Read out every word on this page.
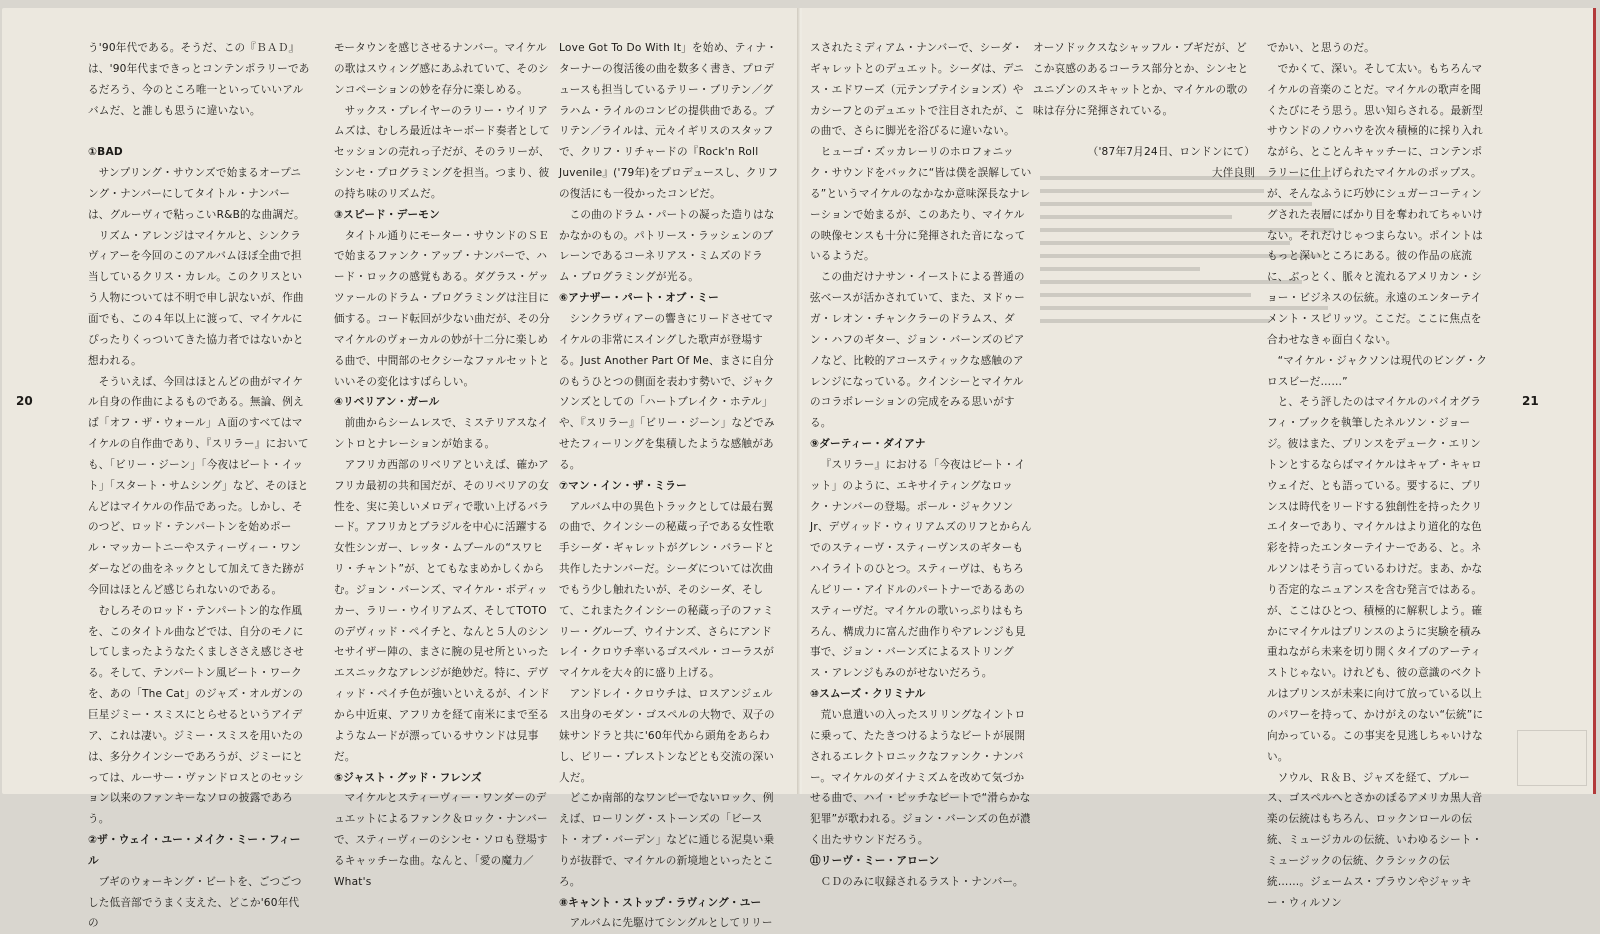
20

う'90年代である。そうだ、この『ＢＡＤ』は、'90年代まできっとコンテンポラリーであるだろう、今のところ唯一といっていいアルバムだ、と誰しも思うに違いない。

①BAD

サンプリング・サウンズで始まるオープニング・ナンバーにしてタイトル・ナンバーは、グルーヴィで粘っこいR&B的な曲調だ。

リズム・アレンジはマイケルと、シンクラヴィアーを今回のこのアルバムほぼ全曲で担当しているクリス・カレル。このクリスという人物については不明で申し訳ないが、作曲面でも、この４年以上に渡って、マイケルにぴったりくっついてきた協力者ではないかと想われる。

そういえば、今回はほとんどの曲がマイケル自身の作曲によるものである。無論、例えば「オフ・ザ・ウォール」Ａ面のすべてはマイケルの自作曲であり、『スリラー』においても、「ビリー・ジーン」「今夜はビート・イット」「スタート・サムシング」など、そのほとんどはマイケルの作品であった。しかし、そのつど、ロッド・テンパートンを始めポール・マッカートニーやスティーヴィー・ワンダーなどの曲をネックとして加えてきた跡が今回はほとんど感じられないのである。

むしろそのロッド・テンパートン的な作風を、このタイトル曲などでは、自分のモノにしてしまったようなたくましささえ感じさせる。そして、テンパートン風ビート・ワークを、あの「The Cat」のジャズ・オルガンの巨星ジミー・スミスにとらせるというアイデア、これは凄い。ジミー・スミスを用いたのは、多分クインシーであろうが、ジミーにとっては、ルーサー・ヴァンドロスとのセッション以来のファンキーなソロの披露であろう。

②ザ・ウェイ・ユー・メイク・ミー・フィール

ブギのウォーキング・ビートを、ごつごつした低音部でうまく支えた、どこか'60年代の

モータウンを感じさせるナンバー。マイケルの歌はスウィング感にあふれていて、そのシンコペーションの妙を存分に楽しめる。

サックス・プレイヤーのラリー・ウイリアムズは、むしろ最近はキーボード奏者としてセッションの売れっ子だが、そのラリーが、シンセ・プログラミングを担当。つまり、彼の持ち味のリズムだ。

③スピード・デーモン

タイトル通りにモーター・サウンドのＳＥで始まるファンク・アップ・ナンバーで、ハード・ロックの感覚もある。ダグラス・ゲッツァールのドラム・プログラミングは注目に価する。コード転回が少ない曲だが、その分マイケルのヴォーカルの妙が十二分に楽しめる曲で、中間部のセクシーなファルセットといいその変化はすばらしい。

④リベリアン・ガール

前曲からシームレスで、ミステリアスなイントロとナレーションが始まる。

アフリカ西部のリベリアといえば、確かアフリカ最初の共和国だが、そのリベリアの女性を、実に美しいメロディで歌い上げるバラード。アフリカとブラジルを中心に活躍する女性シンガー、レッタ・ムブールの“スワヒリ・チャント”が、とてもなまめかしくからむ。ジョン・バーンズ、マイケル・ボディッカー、ラリー・ウイリアムズ、そしてTOTOのデヴィッド・ペイチと、なんと５人のシンセサイザー陣の、まさに腕の見せ所といったエスニックなアレンジが絶妙だ。特に、デヴィッド・ペイチ色が強いといえるが、インドから中近東、アフリカを経て南米にまで至るようなムードが漂っているサウンドは見事だ。

⑤ジャスト・グッド・フレンズ

マイケルとスティーヴィー・ワンダーのデュエットによるファンク＆ロック・ナンバーで、スティーヴィーのシンセ・ソロも登場するキャッチーな曲。なんと、「愛の魔力／What's

Love Got To Do With It」を始め、ティナ・ターナーの復活後の曲を数多く書き、プロデュースも担当しているテリー・ブリテン／グラハム・ライルのコンビの提供曲である。ブリテン／ライルは、元々イギリスのスタッフで、クリフ・リチャードの『Rock'n Roll Juvenile』('79年)をプロデュースし、クリフの復活にも一役かったコンビだ。

この曲のドラム・パートの凝った造りはなかなかのもの。パトリース・ラッシェンのブレーンであるコーネリアス・ミムズのドラム・プログラミングが光る。

⑥アナザー・パート・オブ・ミー

シンクラヴィアーの響きにリードさせてマイケルの非常にスイングした歌声が登場する。Just Another Part Of Me、まさに自分のもうひとつの側面を表わす勢いで、ジャクソンズとしての「ハートブレイク・ホテル」や、『スリラー』「ビリー・ジーン」などでみせたフィーリングを集積したような感触がある。

⑦マン・イン・ザ・ミラー

アルバム中の異色トラックとしては最右翼の曲で、クインシーの秘蔵っ子である女性歌手シーダ・ギャレットがグレン・バラードと共作したナンバーだ。シーダについては次曲でもう少し触れたいが、そのシーダ、そして、これまたクインシーの秘蔵っ子のファミリー・グループ、ウイナンズ、さらにアンドレイ・クロウチ率いるゴスペル・コーラスがマイケルを大々的に盛り上げる。

アンドレイ・クロウチは、ロスアンジェルス出身のモダン・ゴスペルの大物で、双子の妹サンドラと共に'60年代から頭角をあらわし、ビリー・プレストンなどとも交流の深い人だ。

どこか南部的なワンピーでないロック、例えば、ローリング・ストーンズの「ビースト・オブ・バーデン」などに通じる泥臭い乗りが抜群で、マイケルの新境地といったところ。

⑧キャント・ストップ・ラヴィング・ユー

アルバムに先駆けてシングルとしてリリー

スされたミディアム・ナンバーで、シーダ・ギャレットとのデュエット。シーダは、デニス・エドワーズ（元テンプテイションズ）やカシーフとのデュエットで注目されたが、この曲で、さらに脚光を浴びるに違いない。

ヒューゴ・ズッカレーリのホロフォニック・サウンドをバックに“皆は僕を誤解している”というマイケルのなかなか意味深長なナレーションで始まるが、このあたり、マイケルの映像センスも十分に発揮された音になっているようだ。

この曲だけナサン・イーストによる普通の弦ベースが活かされていて、また、ヌドゥーガ・レオン・チャンクラーのドラムス、ダン・ハフのギター、ジョン・バーンズのピアノなど、比較的アコースティックな感触のアレンジになっている。クインシーとマイケルのコラボレーションの完成をみる思いがする。

⑨ダーティー・ダイアナ

『スリラー』における「今夜はビート・イット」のように、エキサイティングなロック・ナンバーの登場。ポール・ジャクソンJr、デヴィッド・ウィリアムズのリフとからんでのスティーヴ・スティーヴンスのギターもハイライトのひとつ。スティーヴは、もちろんビリー・アイドルのパートナーであるあのスティーヴだ。マイケルの歌いっぷりはもちろん、構成力に富んだ曲作りやアレンジも見事で、ジョン・バーンズによるストリングス・アレンジもみのがせないだろう。

⑩スムーズ・クリミナル

荒い息遣いの入ったスリリングなイントロに乗って、たたきつけるようなビートが展開されるエレクトロニックなファンク・ナンバー。マイケルのダイナミズムを改めて気づかせる曲で、ハイ・ピッチなビートで“滑らかな犯罪”が歌われる。ジョン・バーンズの色が濃く出たサウンドだろう。

⑪リーヴ・ミー・アローン

ＣＤのみに収録されるラスト・ナンバー。

オーソドックスなシャッフル・ブギだが、どこか哀感のあるコーラス部分とか、シンセとユニゾンのスキャットとか、マイケルの歌の味は存分に発揮されている。

（'87年7月24日、ロンドンにて）

大伴良則

でかい、と思うのだ。

でかくて、深い。そして太い。もちろんマイケルの音楽のことだ。マイケルの歌声を聞くたびにそう思う。思い知らされる。最新型サウンドのノウハウを次々積極的に採り入れながら、とことんキャッチーに、コンテンポラリーに仕上げられたマイケルのポップス。が、そんなふうに巧妙にシュガーコーティングされた表層にばかり目を奪われてちゃいけない。それだけじゃつまらない。ポイントはもっと深いところにある。彼の作品の底流に、ぶっとく、脈々と流れるアメリカン・ショー・ビジネスの伝統。永遠のエンターテイメント・スピリッツ。ここだ。ここに焦点を合わせなきゃ面白くない。

“マイケル・ジャクソンは現代のビング・クロスビーだ……”

と、そう評したのはマイケルのバイオグラフィ・ブックを執筆したネルソン・ジョージ。彼はまた、プリンスをデューク・エリントンとするならばマイケルはキャブ・キャロウェイだ、とも語っている。要するに、プリンスは時代をリードする独創性を持ったクリエイターであり、マイケルはより道化的な色彩を持ったエンターテイナーである、と。ネルソンはそう言っているわけだ。まあ、かなり否定的なニュアンスを含む発言ではある。が、ここはひとつ、積極的に解釈しよう。確かにマイケルはプリンスのように実験を積み重ねながら未来を切り開くタイプのアーティストじゃない。けれども、彼の意識のベクトルはプリンスが未来に向けて放っている以上のパワーを持って、かけがえのない“伝統”に向かっている。この事実を見逃しちゃいけない。

ソウル、Ｒ＆Ｂ、ジャズを経て、ブルース、ゴスペルへとさかのぼるアメリカ黒人音楽の伝統はもちろん、ロックンロールの伝統、ミュージカルの伝統、いわゆるシート・ミュージックの伝統、クラシックの伝統……。ジェームス・ブラウンやジャッキー・ウィルソン

21
